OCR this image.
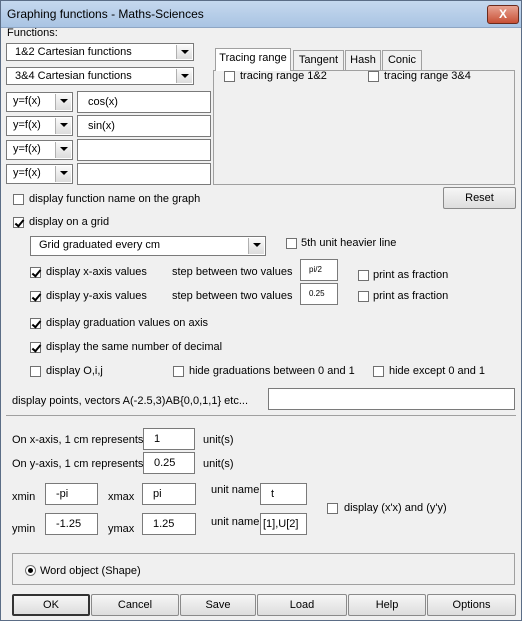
Graphing functions - Maths-Sciences	X
Functions:
1&2 Cartesian functions
3&4 Cartesian functions
y=f(x)	cos(x)
y=f(x)	sin(x)
y=f(x)
y=f(x)
Tracing range	Tangent	Hash	Conic
tracing range 1&2	tracing range 3&4
display function name on the graph	Reset
display on a grid
Grid graduated every cm	5th unit heavier line
display x-axis values step between two values pi/2	print as fraction
display y-axis values step between two values 0.25	print as fraction
display graduation values on axis
display the same number of decimal
display O,i,j	hide graduations between 0 and 1	hide except 0 and 1
display points, vectors A(-2.5,3)AB{0,0,1,1} etc...
On x-axis, 1 cm represents 1	unit(s)
On y-axis, 1 cm represents 0.25	unit(s)
xmin -pi	xmax pi	unit name t
ymin -1.25 ymax 1.25	unit name [1],U[2]
display (x'x) and (y'y)
Word object (Shape)
OK	Cancel	Save	Load	Help	Options
